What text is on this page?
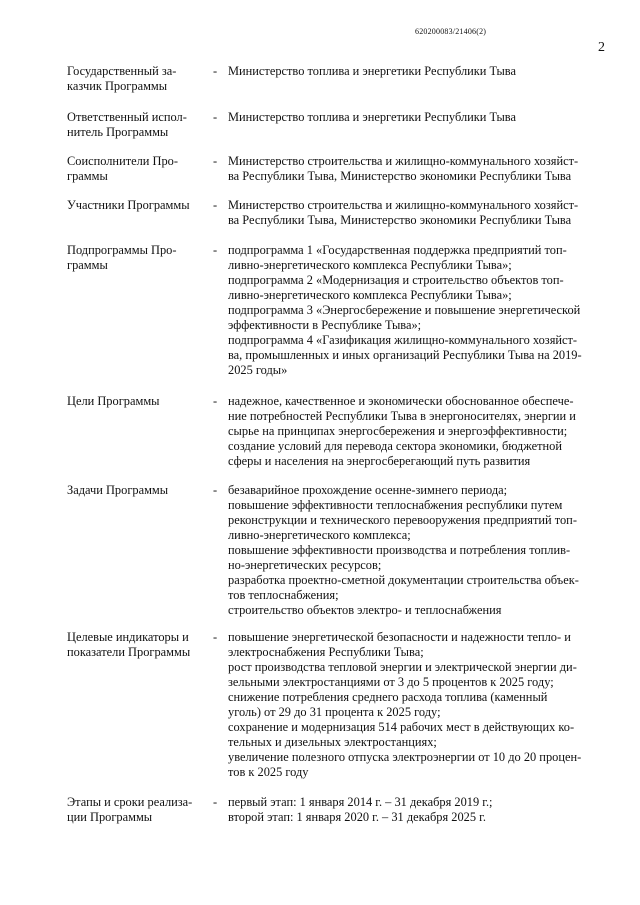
620200083/21406(2)
2
Государственный за-
казчик Программы
- Министерство топлива и энергетики Республики Тыва
Ответственный испол-
нитель Программы
- Министерство топлива и энергетики Республики Тыва
Соисполнители Про-
граммы
- Министерство строительства и жилищно-коммунального хозяйст-
ва Республики Тыва, Министерство экономики Республики Тыва
Участники Программы	- Министерство строительства и жилищно-коммунального хозяйст-
ва Республики Тыва, Министерство экономики Республики Тыва
Подпрограммы Про-
граммы
- подпрограмма 1 «Государственная поддержка предприятий топ-
ливно-энергетического комплекса Республики Тыва»;
подпрограмма 2 «Модернизация и строительство объектов топ-
ливно-энергетического комплекса Республики Тыва»;
подпрограмма 3 «Энергосбережение и повышение энергетической
эффективности в Республике Тыва»;
подпрограмма 4 «Газификация жилищно-коммунального хозяйст-
ва, промышленных и иных организаций Республики Тыва на 2019-
2025 годы»
Цели Программы	- надежное, качественное и экономически обоснованное обеспече-
ние потребностей Республики Тыва в энергоносителях, энергии и
сырье на принципах энергосбережения и энергоэффективности;
создание условий для перевода сектора экономики, бюджетной
сферы и населения на энергосберегающий путь развития
Задачи Программы	- безаварийное прохождение осенне-зимнего периода;
повышение эффективности теплоснабжения республики путем
реконструкции и технического перевооружения предприятий топ-
ливно-энергетического комплекса;
повышение эффективности производства и потребления топлив-
но-энергетических ресурсов;
разработка проектно-сметной документации строительства объек-
тов теплоснабжения;
строительство объектов электро- и теплоснабжения
Целевые индикаторы и
показатели Программы
- повышение энергетической безопасности и надежности тепло- и
электроснабжения Республики Тыва;
рост производства тепловой энергии и электрической энергии ди-
зельными электростанциями от 3 до 5 процентов к 2025 году;
снижение потребления среднего расхода топлива (каменный
уголь) от 29 до 31 процента к 2025 году;
сохранение и модернизация 514 рабочих мест в действующих ко-
тельных и дизельных электростанциях;
увеличение полезного отпуска электроэнергии от 10 до 20 процен-
тов к 2025 году
Этапы и сроки реализа-
ции Программы
- первый этап: 1 января 2014 г. – 31 декабря 2019 г.;
второй этап: 1 января 2020 г. – 31 декабря 2025 г.
